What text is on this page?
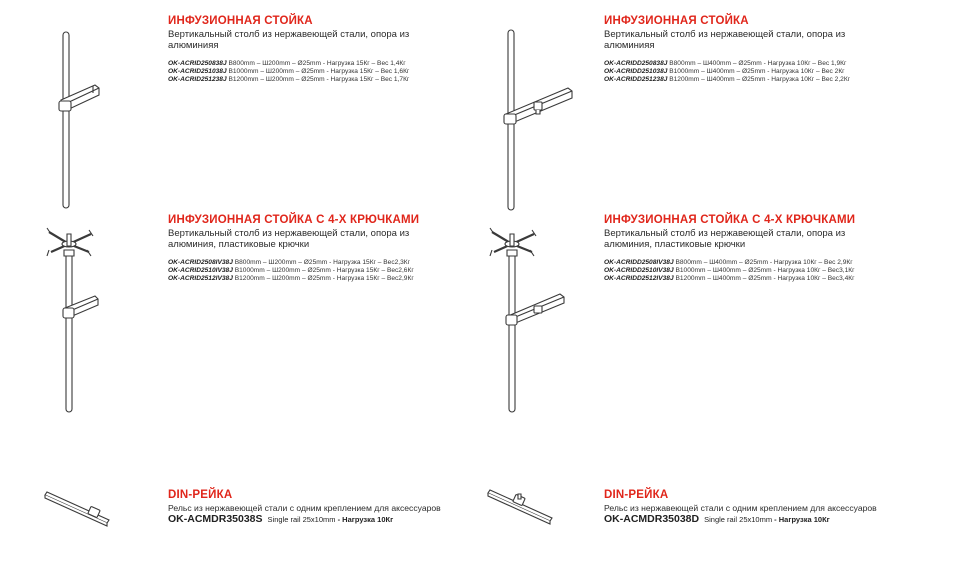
ИНФУЗИОННАЯ СТОЙКА

Вертикальный столб из нержавеющей стали, опора из
алюминияя

OK-ACRID250838J B800mm – Ш200mm – Ø25mm - Нагрузка 15Кг – Вес 1,4Кг
OK-ACRID251038J B1000mm – Ш200mm – Ø25mm - Нагрузка 15Кг – Вес 1,6Кг
OK-ACRID251238J B1200mm – Ш200mm – Ø25mm - Нагрузка 15Кг – Вес 1,7Кг

ИНФУЗИОННАЯ СТОЙКА

Вертикальный столб из нержавеющей стали, опора из
алюминияя

OK-ACRIDD250838J B800mm – Ш400mm – Ø25mm - Нагрузка 10Кг – Вес 1,9Кг
OK-ACRIDD251038J B1000mm – Ш400mm – Ø25mm - Нагрузка 10Кг – Вес 2Кг
OK-ACRIDD251238J B1200mm – Ш400mm – Ø25mm - Нагрузка 10Кг – Вес 2,2Кг

ИНФУЗИОННАЯ СТОЙКА С 4-Х КРЮЧКАМИ

Вертикальный столб из нержавеющей стали, опора из
алюминия, пластиковые крючки

OK-ACRID2508IV38J B800mm – Ш200mm – Ø25mm - Нагрузка 15Кг – Вес2,3Кг
OK-ACRID2510IV38J B1000mm – Ш200mm – Ø25mm - Нагрузка 15Кг – Вес2,6Кг
OK-ACRID2512IV38J B1200mm – Ш200mm – Ø25mm - Нагрузка 15Кг – Вес2,9Кг

ИНФУЗИОННАЯ СТОЙКА С 4-Х КРЮЧКАМИ

Вертикальный столб из нержавеющей стали, опора из
алюминия, пластиковые крючки

OK-ACRIDD2508IV38J B800mm – Ш400mm – Ø25mm - Нагрузка 10Кг – Вес 2,9Кг
OK-ACRIDD2510IV38J B1000mm – Ш400mm – Ø25mm - Нагрузка 10Кг – Вес3,1Кг
OK-ACRIDD2512IV38J B1200mm – Ш400mm – Ø25mm - Нагрузка 10Кг – Вес3,4Кг

DIN-РЕЙКА

Рельс из нержавеющей стали с одним креплением для аксессуаров
OK-ACMDR35038S Single rail 25x10mm - Нагрузка 10Кг

DIN-РЕЙКА

Рельс из нержавеющей стали с одним креплением для аксессуаров
OK-ACMDR35038D Single rail 25x10mm - Нагрузка 10Кг
